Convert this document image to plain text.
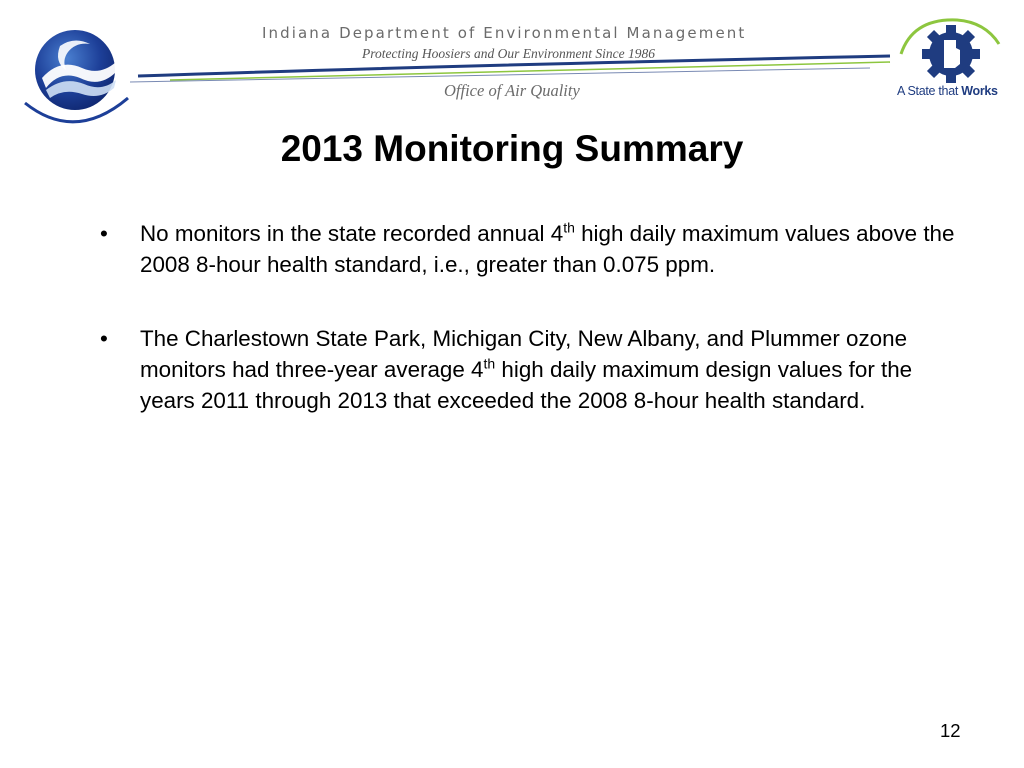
Indiana Department of Environmental Management
Protecting Hoosiers and Our Environment Since 1986
Office of Air Quality	A State that Works
2013 Monitoring Summary
• No monitors in the state recorded annual 4th high daily maximum values above the 2008 8-hour health standard, i.e., greater than 0.075 ppm.
• The Charlestown State Park, Michigan City, New Albany, and Plummer ozone monitors had three-year average 4th high daily maximum design values for the years 2011 through 2013 that exceeded the 2008 8-hour health standard.
12
